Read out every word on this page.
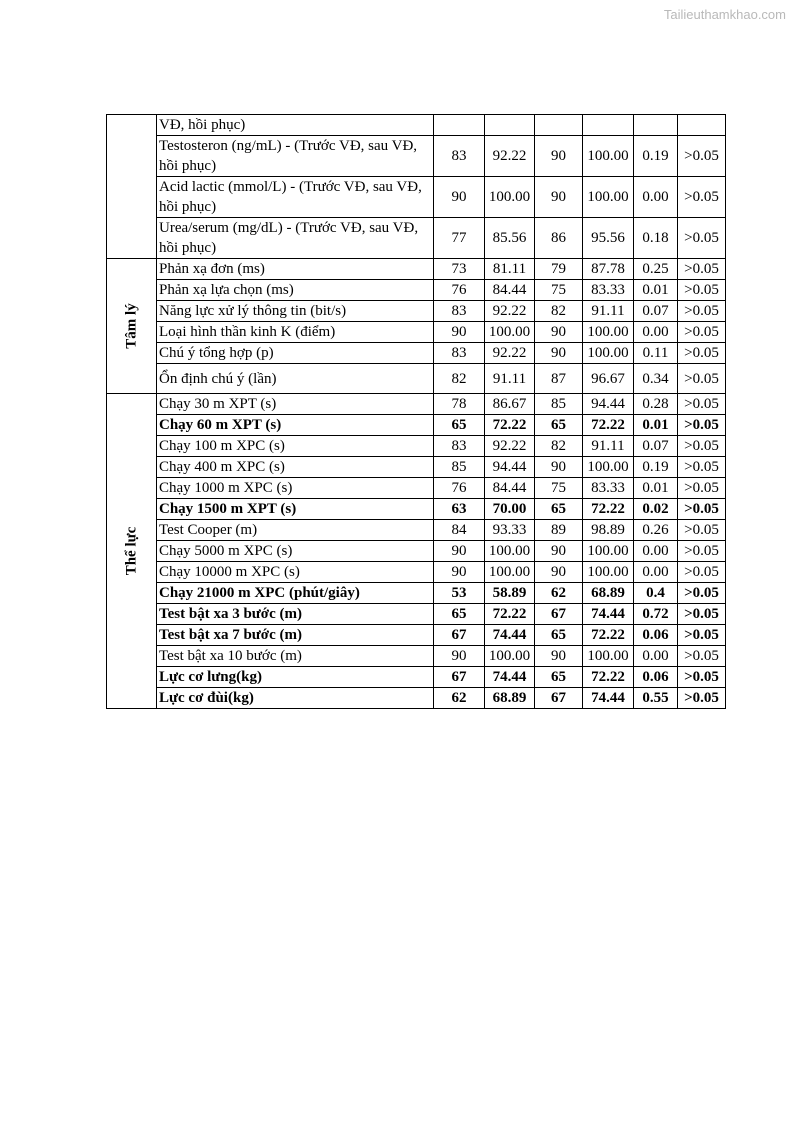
Tailieuthamkhao.com
	VĐ, hồi phục)						
	Testosteron (ng/mL) - (Trước VĐ, sau VĐ, hồi phục)	83	92.22	90	100.00	0.19	>0.05
	Acid lactic (mmol/L) - (Trước VĐ, sau VĐ, hồi phục)	90	100.00	90	100.00	0.00	>0.05
	Urea/serum (mg/dL) - (Trước VĐ, sau VĐ, hồi phục)	77	85.56	86	95.56	0.18	>0.05
Tâm lý	Phản xạ đơn (ms)	73	81.11	79	87.78	0.25	>0.05
	Phản xạ lựa chọn (ms)	76	84.44	75	83.33	0.01	>0.05
	Năng lực xử lý thông tin (bit/s)	83	92.22	82	91.11	0.07	>0.05
	Loại hình thần kinh K (điểm)	90	100.00	90	100.00	0.00	>0.05
	Chú ý tổng hợp (p)	83	92.22	90	100.00	0.11	>0.05
	Ổn định chú ý (lần)	82	91.11	87	96.67	0.34	>0.05
Thể lực	Chạy 30 m XPT (s)	78	86.67	85	94.44	0.28	>0.05
	Chạy 60 m XPT (s)	65	72.22	65	72.22	0.01	>0.05
	Chạy 100 m XPC (s)	83	92.22	82	91.11	0.07	>0.05
	Chạy 400 m XPC (s)	85	94.44	90	100.00	0.19	>0.05
	Chạy 1000 m XPC (s)	76	84.44	75	83.33	0.01	>0.05
	Chạy 1500 m XPT (s)	63	70.00	65	72.22	0.02	>0.05
	Test Cooper (m)	84	93.33	89	98.89	0.26	>0.05
	Chạy 5000 m XPC (s)	90	100.00	90	100.00	0.00	>0.05
	Chạy 10000 m XPC (s)	90	100.00	90	100.00	0.00	>0.05
	Chạy 21000 m XPC (phút/giây)	53	58.89	62	68.89	0.4	>0.05
	Test bật xa 3 bước (m)	65	72.22	67	74.44	0.72	>0.05
	Test bật xa 7 bước (m)	67	74.44	65	72.22	0.06	>0.05
	Test bật xa 10 bước (m)	90	100.00	90	100.00	0.00	>0.05
	Lực cơ lưng(kg)	67	74.44	65	72.22	0.06	>0.05
	Lực cơ đùi(kg)	62	68.89	67	74.44	0.55	>0.05
